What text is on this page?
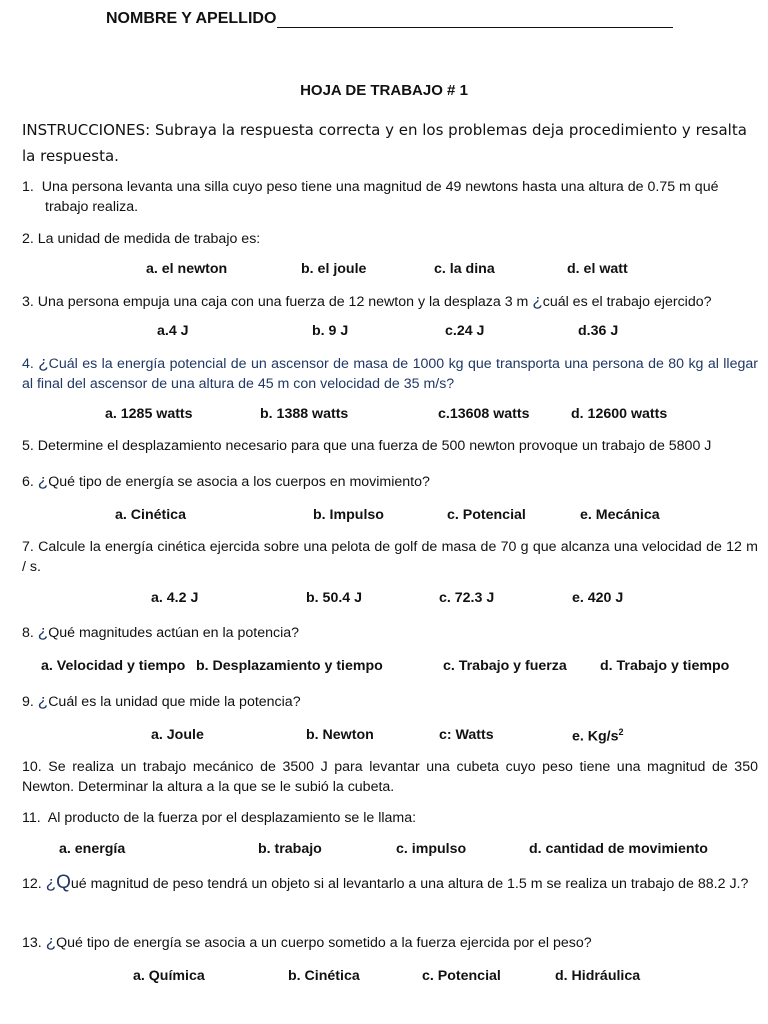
NOMBRE Y APELLIDO
HOJA DE TRABAJO # 1
INSTRUCCIONES: Subraya la respuesta correcta y en los problemas deja procedimiento y resalta la respuesta.
1. Una persona levanta una silla cuyo peso tiene una magnitud de 49 newtons hasta una altura de 0.75 m qué trabajo realiza.
2. La unidad de medida de trabajo es:
a. el newton	b. el joule	c. la dina	d. el watt
3. Una persona empuja una caja con una fuerza de 12 newton y la desplaza 3 m ¿cuál es el trabajo ejercido?
a.4 J	b. 9 J	c.24 J	d.36 J
4. ¿Cuál es la energía potencial de un ascensor de masa de 1000 kg que transporta una persona de 80 kg al llegar al final del ascensor de una altura de 45 m con velocidad de 35 m/s?
a. 1285 watts	b. 1388 watts	c.13608 watts	d. 12600 watts
5. Determine el desplazamiento necesario para que una fuerza de 500 newton provoque un trabajo de 5800 J
6. ¿Qué tipo de energía se asocia a los cuerpos en movimiento?
a. Cinética	b. Impulso	c. Potencial	e. Mecánica
7. Calcule la energía cinética ejercida sobre una pelota de golf de masa de 70 g que alcanza una velocidad de 12 m / s.
a. 4.2 J	b. 50.4 J	c. 72.3 J	e. 420 J
8. ¿Qué magnitudes actúan en la potencia?
a. Velocidad y tiempo b. Desplazamiento y tiempo	c. Trabajo y fuerza d. Trabajo y tiempo
9. ¿Cuál es la unidad que mide la potencia?
a. Joule	b. Newton	c: Watts	e. $Kg/s^2$
10. Se realiza un trabajo mecánico de 3500 J para levantar una cubeta cuyo peso tiene una magnitud de 350 Newton. Determinar la altura a la que se le subió la cubeta.
11. Al producto de la fuerza por el desplazamiento se le llama:
a. energía	b. trabajo	c. impulso	d. cantidad de movimiento
12. ¿Qué magnitud de peso tendrá un objeto si al levantarlo a una altura de 1.5 m se realiza un trabajo de 88.2 J.?
13. ¿Qué tipo de energía se asocia a un cuerpo sometido a la fuerza ejercida por el peso?
a. Química	b. Cinética	c. Potencial	d. Hidráulica
